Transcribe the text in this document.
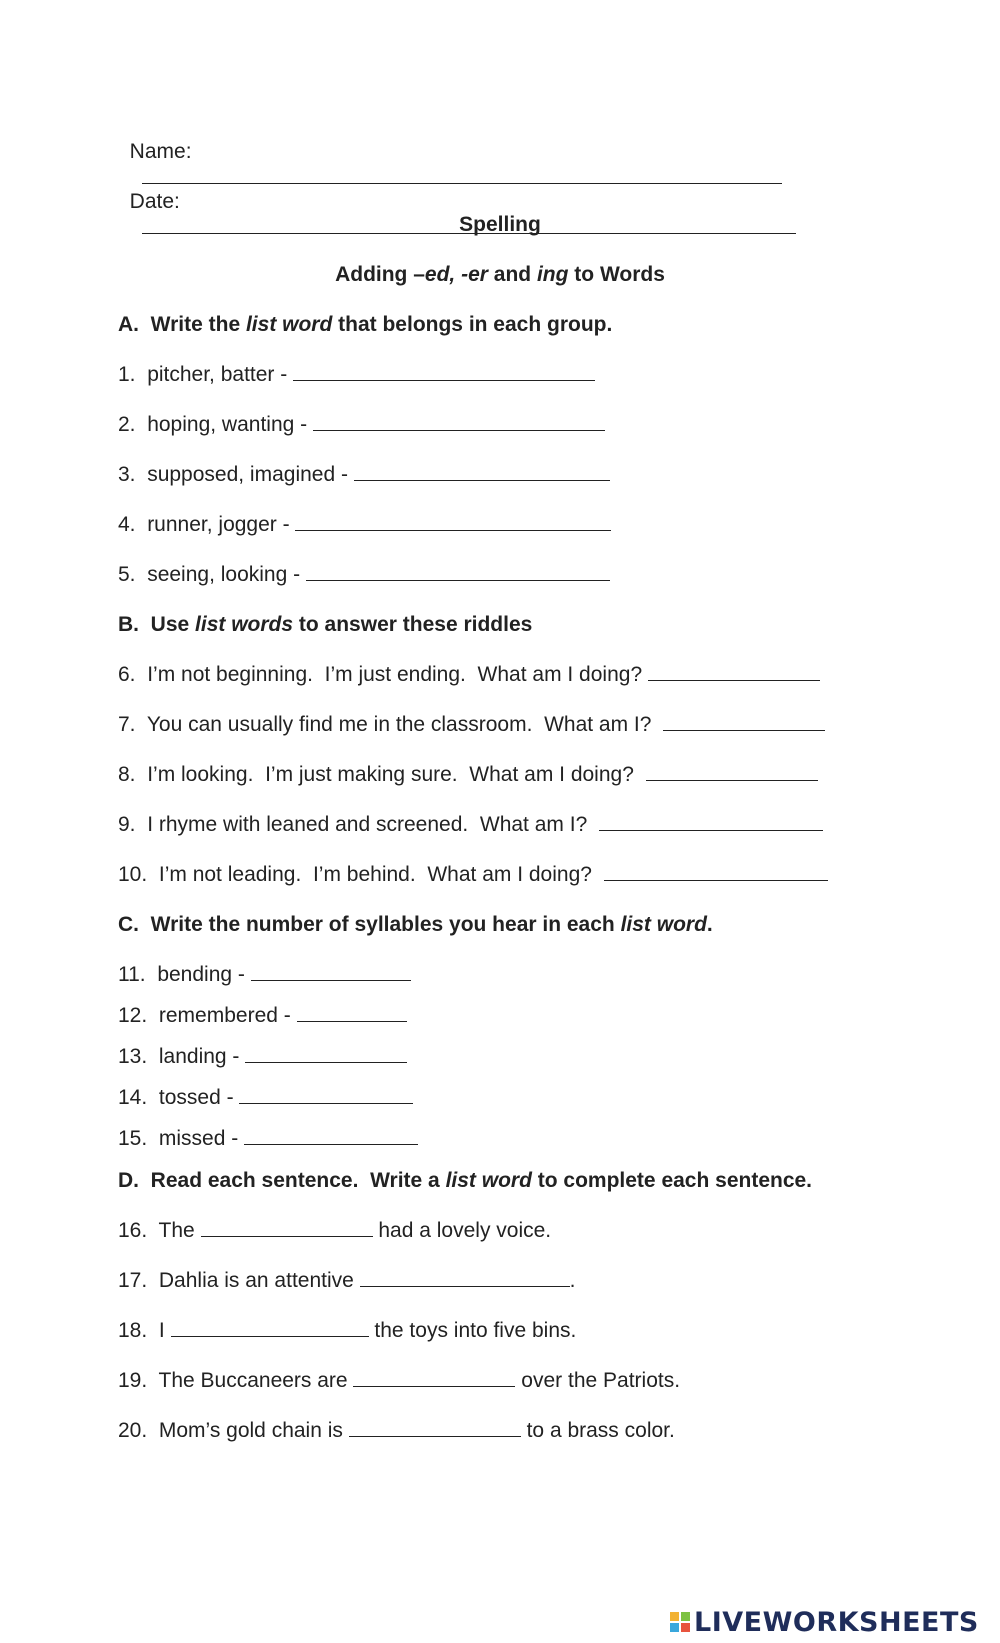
Name:

Date:

Spelling
Adding –ed, -er and ing to Words
A.  Write the list word that belongs in each group.
1. pitcher, batter -
2. hoping, wanting -
3. supposed, imagined -
4. runner, jogger -
5. seeing, looking -
B.  Use list words to answer these riddles
6. I’m not beginning.  I’m just ending.  What am I doing?
7. You can usually find me in the classroom.  What am I?
8. I’m looking.  I’m just making sure.  What am I doing?
9. I rhyme with leaned and screened.  What am I?
10. I’m not leading.  I’m behind.  What am I doing?
C.  Write the number of syllables you hear in each list word.
11. bending -
12. remembered -
13. landing -
14. tossed -
15. missed -
D.  Read each sentence.  Write a list word to complete each sentence.
16. The	had a lovely voice.
17. Dahlia is an attentive	.
18. I	the toys into five bins.
19. The Buccaneers are	over the Patriots.
20. Mom’s gold chain is	to a brass color.
LIVEWORKSHEETS
